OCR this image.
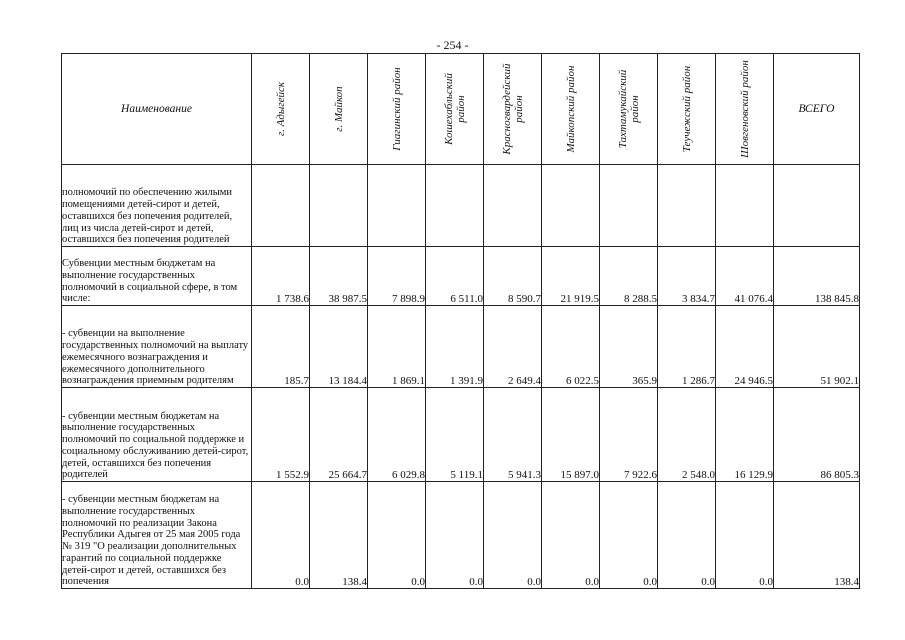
- 254 -
Наименование	г. Адыгейск	г. Майкоп	Гиагинский район	Кошехабльский район	Красногвардейский район	Майкопский район	Тахтамукайский район	Теучежский район	Шовгеновский район	ВСЕГО
полномочий по обеспечению жилыми помещениями детей-сирот и детей, оставшихся без попечения родителей, лиц из числа детей-сирот и детей, оставшихся без попечения родителей										
Субвенции местным бюджетам на выполнение государственных полномочий в социальной сфере, в том числе:	1 738.6	38 987.5	7 898.9	6 511.0	8 590.7	21 919.5	8 288.5	3 834.7	41 076.4	138 845.8
- субвенции на выполнение государственных полномочий на выплату ежемесячного вознаграждения и ежемесячного дополнительного вознаграждения приемным родителям	185.7	13 184.4	1 869.1	1 391.9	2 649.4	6 022.5	365.9	1 286.7	24 946.5	51 902.1
- субвенции местным бюджетам на выполнение государственных полномочий по социальной поддержке и социальному обслуживанию детей-сирот, детей, оставшихся без попечения родителей	1 552.9	25 664.7	6 029.8	5 119.1	5 941.3	15 897.0	7 922.6	2 548.0	16 129.9	86 805.3
- субвенции местным бюджетам на выполнение государственных полномочий по реализации Закона Республики Адыгея от 25 мая 2005 года № 319 "О реализации дополнительных гарантий по социальной поддержке детей-сирот и детей, оставшихся без попечения	0.0	138.4	0.0	0.0	0.0	0.0	0.0	0.0	0.0	138.4
